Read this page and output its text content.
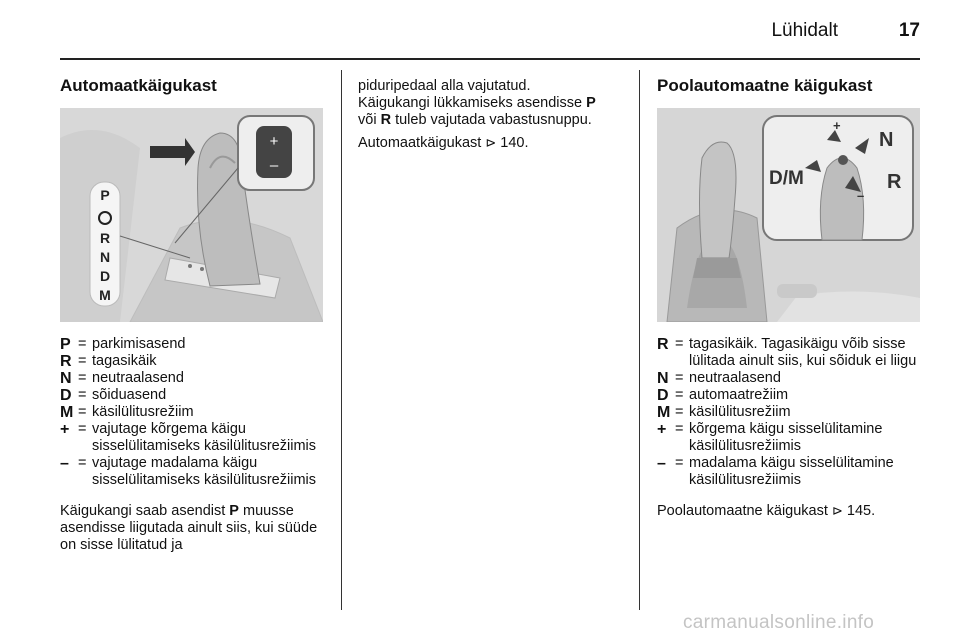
Lühidalt	17
Automaatkäigukast
+
–
P
R
N
D
M
P = parkimisasend
R = tagasikäik
N = neutraalasend
D = sõiduasend
M = käsilülitusrežiim
+ = vajutage kõrgema käigu sisselülitamiseks käsilülitusrežiimis
– = vajutage madalama käigu sisselülitamiseks käsilülitusrežiimis

Käigukangi saab asendist P muusse asendisse liigutada ainult siis, kui süüde on sisse lülitatud ja

piduripedaal alla vajutatud.

Käigukangi lükkamiseks asendisse P või R tuleb vajutada vabastusnuppu.

Automaatkäigukast ⊳ 140.

Poolautomaatne käigukast
D/M
N
R
+
–
R = tagasikäik. Tagasikäigu võib sisse lülitada ainult siis, kui sõiduk ei liigu
N = neutraalasend
D = automaatrežiim
M = käsilülitusrežiim
+ = kõrgema käigu sisselülitamine käsilülitusrežiimis
– = madalama käigu sisselülitamine käsilülitusrežiimis

Poolautomaatne käigukast ⊳ 145.

carmanualsonline.info
